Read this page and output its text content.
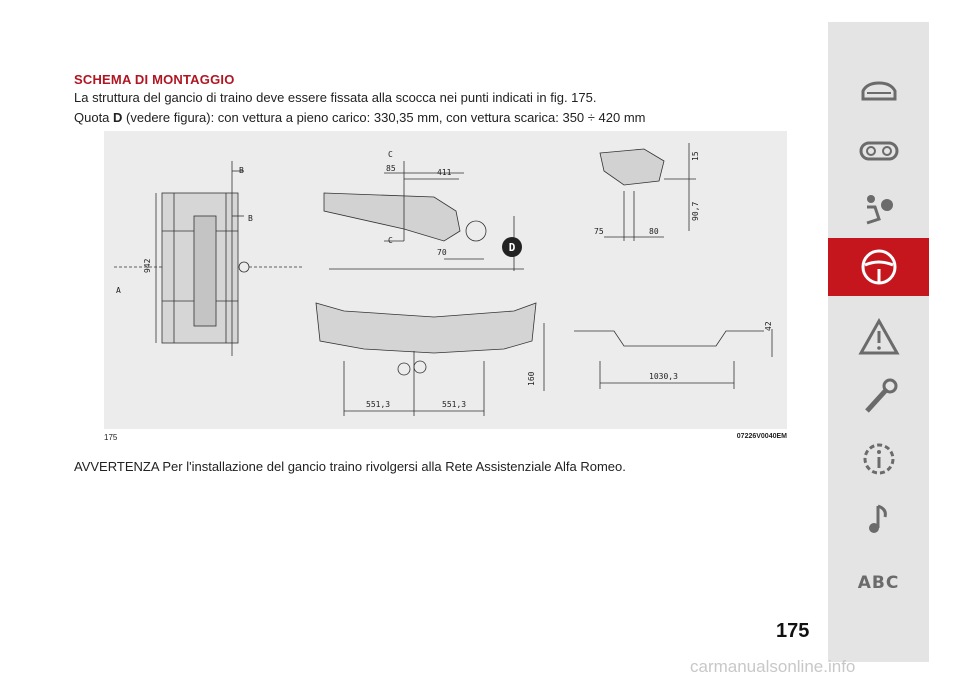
SCHEMA DI MONTAGGIO
La struttura del gancio di traino deve essere fissata alla scocca nei punti indicati in fig. 175.
Quota D (vedere figura): con vettura a pieno carico: 330,35 mm, con vettura scarica: 350 ÷ 420 mm
D
B
B
A
942
C
C
85	411
70
15
90,7
75	80
42
1030,3
160
551,3	551,3
175	07226V0040EM
AVVERTENZA Per l'installazione del gancio traino rivolgersi alla Rete Assistenziale Alfa Romeo.
175
ABC
carmanualsonline.info
